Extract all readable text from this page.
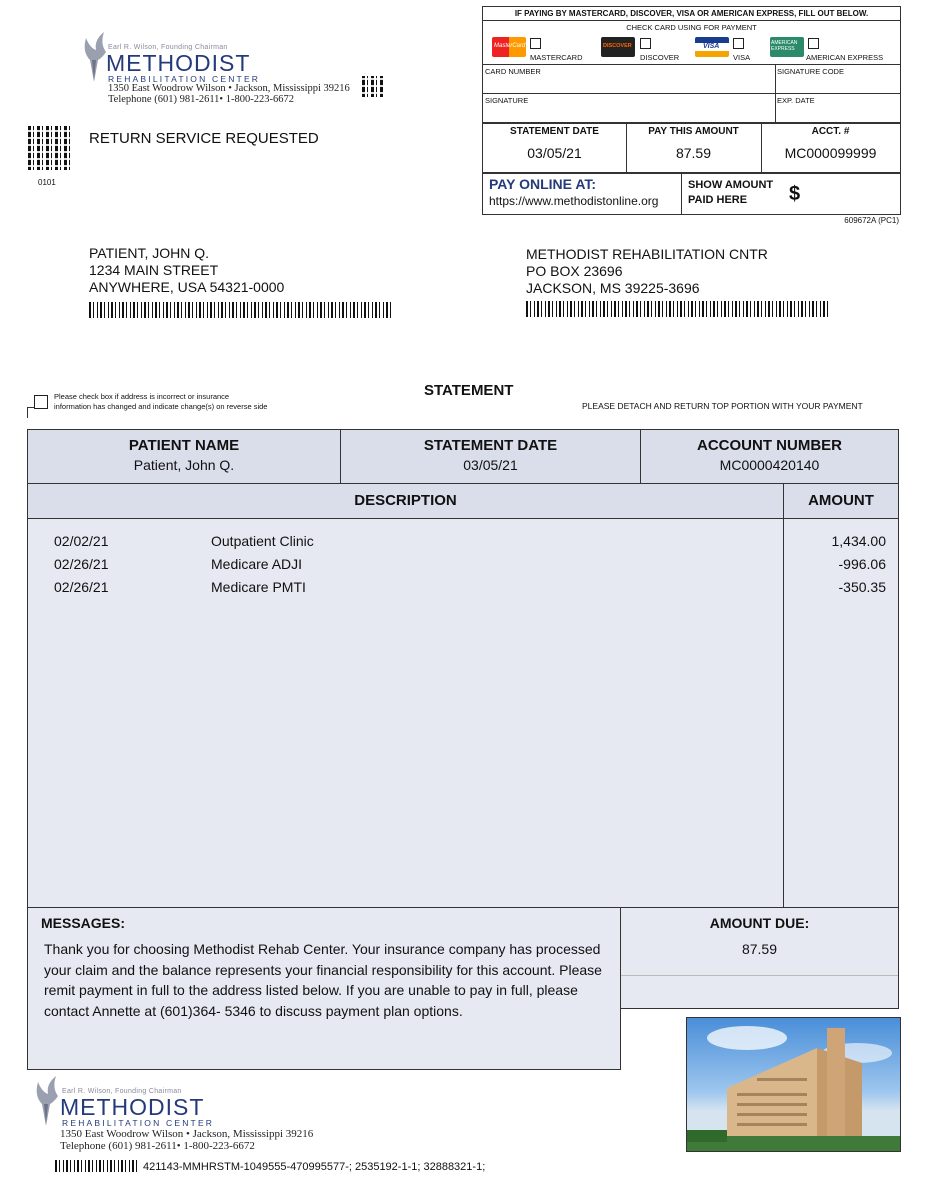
Earl R. Wilson, Founding Chairman
METHODIST
REHABILITATION CENTER
1350 East Woodrow Wilson • Jackson, Mississippi 39216
Telephone (601) 981-2611• 1-800-223-6672
0101
RETURN SERVICE REQUESTED
IF PAYING BY MASTERCARD, DISCOVER, VISA OR AMERICAN EXPRESS, FILL OUT BELOW.
CHECK CARD USING FOR PAYMENT
MasterCard
MASTERCARD
DISCOVER
DISCOVER
VISA
VISA
AMERICAN EXPRESS
AMERICAN EXPRESS
CARD NUMBER	SIGNATURE CODE
SIGNATURE	EXP. DATE
STATEMENT DATE
03/05/21
PAY THIS AMOUNT
87.59
ACCT. #
MC000099999
PAY ONLINE AT:
https://www.methodistonline.org
SHOW AMOUNT
PAID HERE $
609672A (PC1)
PATIENT, JOHN Q.
1234 MAIN STREET
ANYWHERE, USA 54321-0000
METHODIST REHABILITATION CNTR
PO BOX 23696
JACKSON, MS 39225-3696
Please check box if address is incorrect or insurance
information has changed and indicate change(s) on reverse side
STATEMENT
PLEASE DETACH AND RETURN TOP PORTION WITH YOUR PAYMENT
PATIENT NAME
Patient, John Q.
STATEMENT DATE
03/05/21
ACCOUNT NUMBER
MC0000420140
DESCRIPTION	AMOUNT
02/02/21	Outpatient Clinic	1,434.00
02/26/21	Medicare ADJI	-996.06
02/26/21	Medicare PMTI	-350.35
MESSAGES:
Thank you for choosing Methodist Rehab Center. Your insurance company has processed your claim and the balance represents your financial responsibility for this account. Please remit payment in full to the address listed below. If you are unable to pay in full, please contact Annette at (601)364- 5346 to discuss payment plan options.
AMOUNT DUE:
87.59
Earl R. Wilson, Founding Chairman
METHODIST
REHABILITATION CENTER
1350 East Woodrow Wilson • Jackson, Mississippi 39216
Telephone (601) 981-2611• 1-800-223-6672
421143-MMHRSTM-1049555-470995577-; 2535192-1-1; 32888321-1;
